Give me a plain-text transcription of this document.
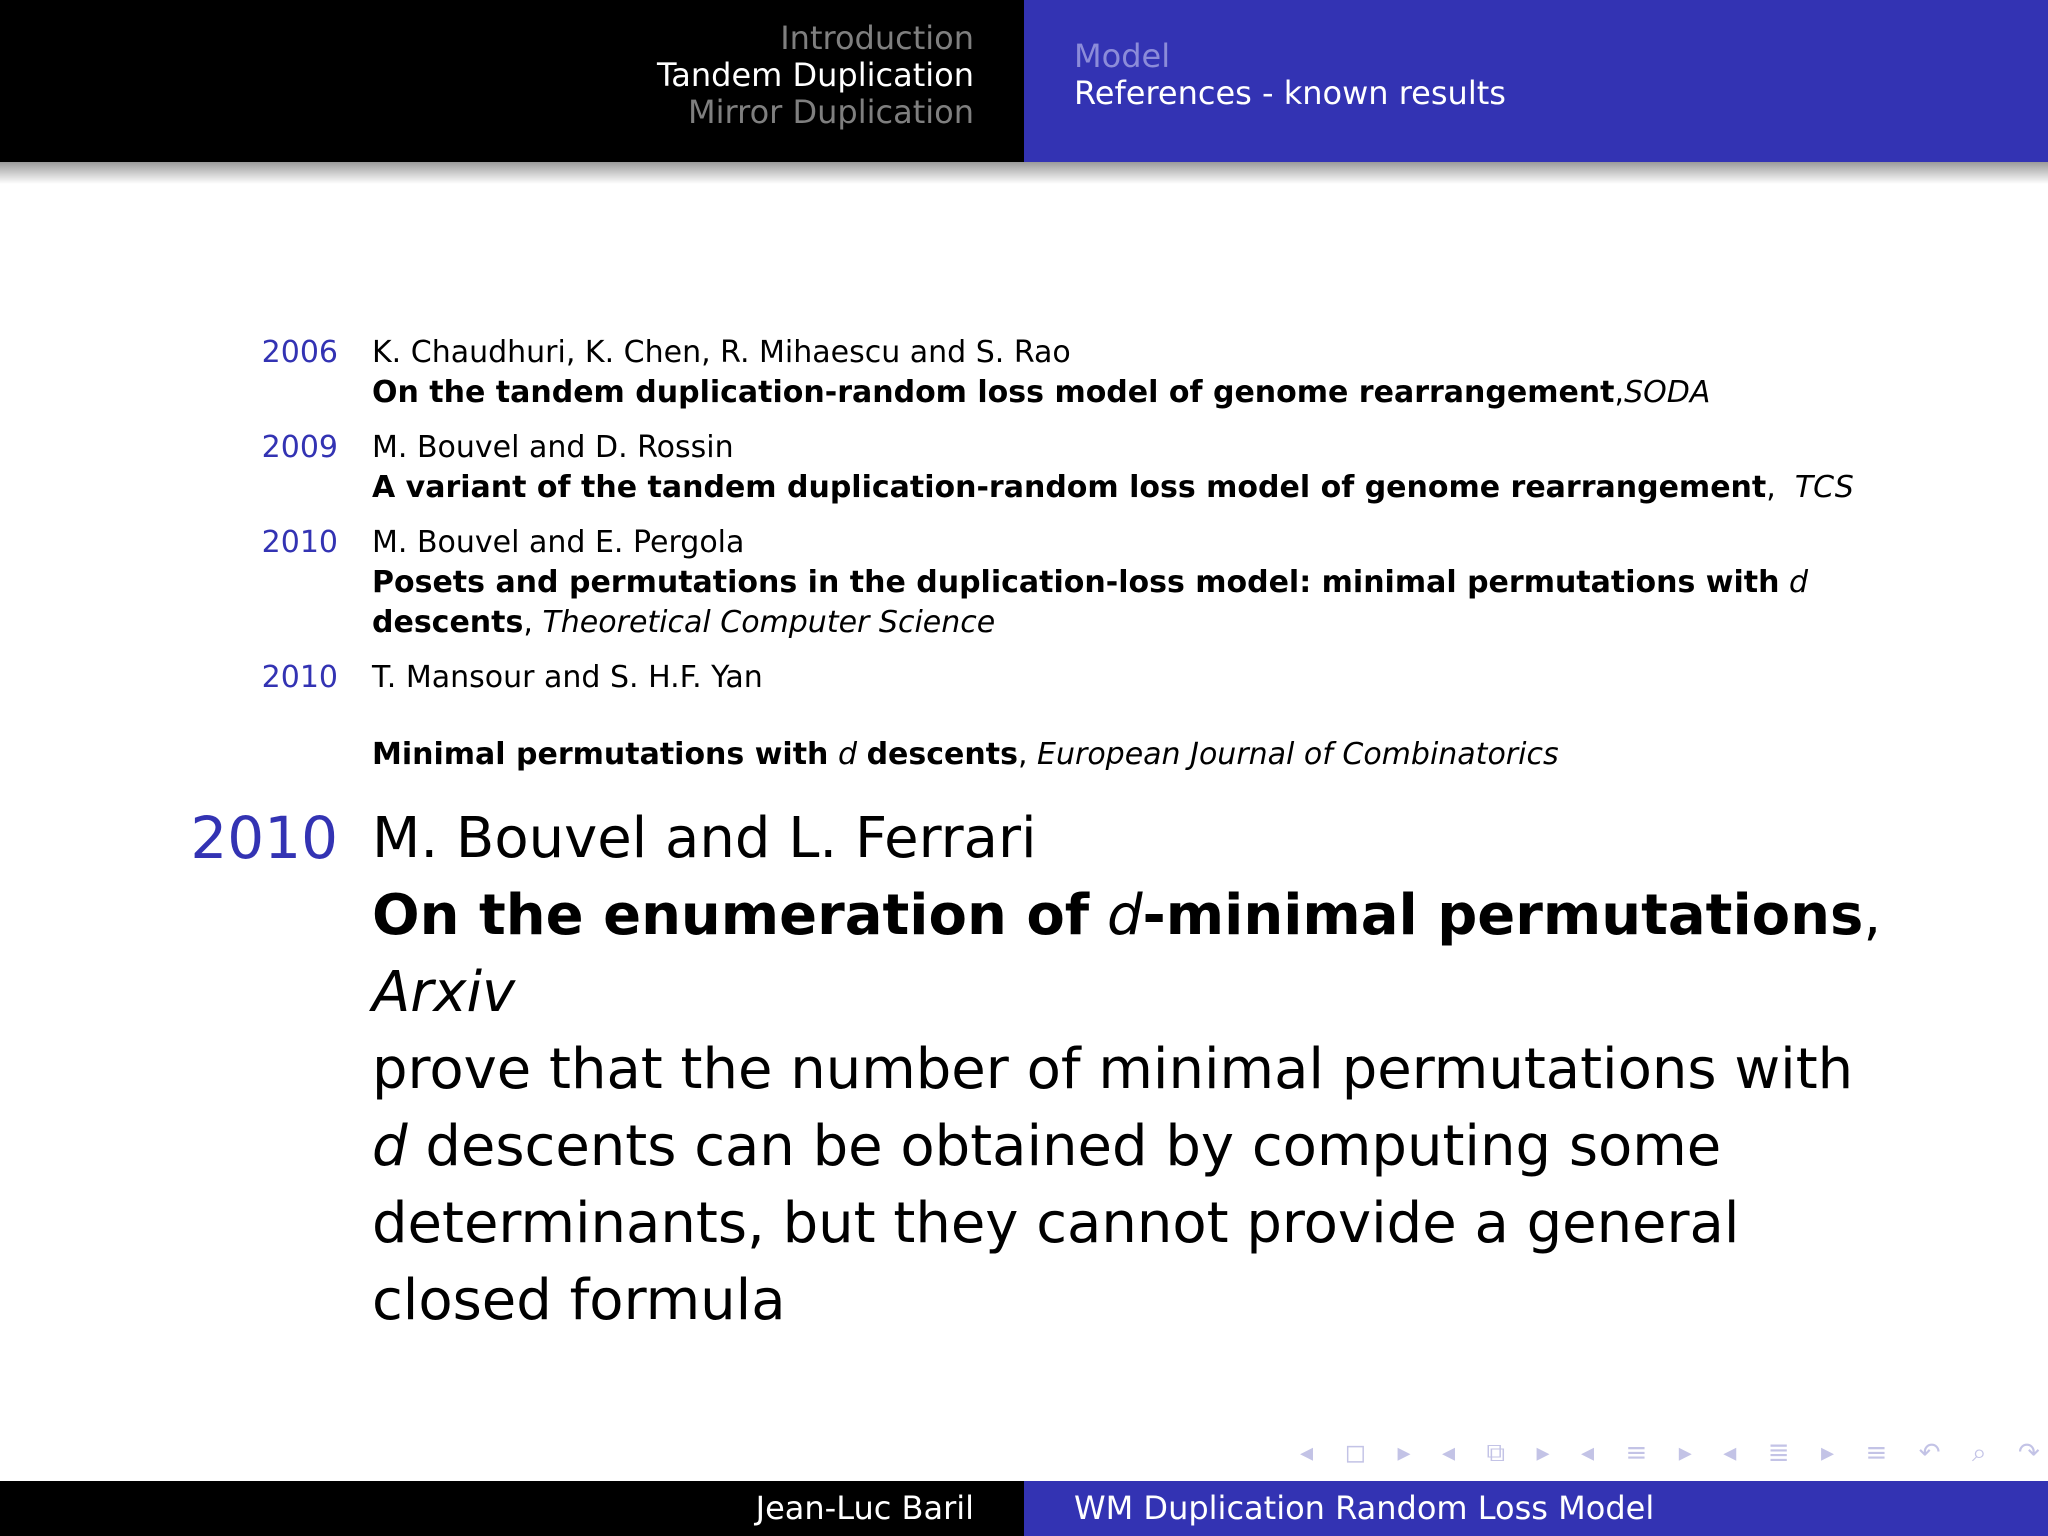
Introduction
Tandem Duplication
Mirror Duplication
Model
References - known results
2006 K. Chaudhuri, K. Chen, R. Mihaescu and S. Rao
On the tandem duplication-random loss model of genome rearrangement,SODA
2009 M. Bouvel and D. Rossin
A variant of the tandem duplication-random loss model of genome rearrangement,  TCS
2010 M. Bouvel and E. Pergola
Posets and permutations in the duplication-loss model: minimal permutations with d
descents, Theoretical Computer Science
2010 T. Mansour and S. H.F. Yan
Minimal permutations with d descents, European Journal of Combinatorics
2010 M. Bouvel and L. Ferrari
On the enumeration of d-minimal permutations,
Arxiv
prove that the number of minimal permutations with
d descents can be obtained by computing some
determinants, but they cannot provide a general
closed formula
◂ ◻ ▸ ◂ ⧉ ▸ ◂ ≡ ▸ ◂ ≣ ▸ ≡ ↶ ⌕ ↷
Jean-Luc Baril	WM Duplication Random Loss Model
